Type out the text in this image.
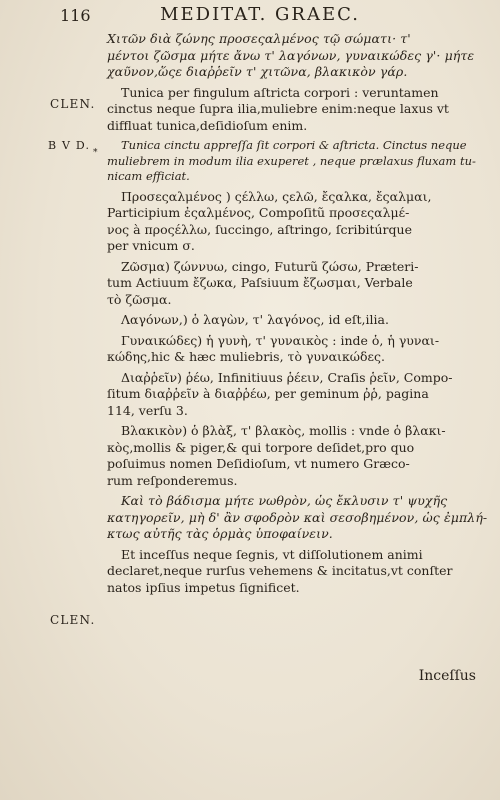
116	MEDITAT. GRAEC.
CLEN.
B V D.
CLEN.
*
Χιτῶν διὰ ζώνης προσεςαλμένος τῷ σώματι· τ'
μέντοι ζῶσμα μήτε ἄνω τ' λαγόνων, γυναικώδες γ'· μήτε
χαῦνον,ὥςε διαῤῥεῖν τ' χιτῶνα, βλακικὸν γάρ.
Tunica per fingulum aſtricta corpori : veruntamen
cinctus neque ſupra ilia,muliebre enim:neque laxus vt
diffluat tunica,deſidioſum enim.
Tunica cinctu appreſſa ſit corpori & aſtricta. Cinctus neque
muliebrem in modum ilia exuperet , neque prælaxus fluxam tu-
nicam efficiat.
Προσεςαλμένος ) ςέλλω, ςελῶ, ἔςαλκα, ἔςαλμαι,
Participium ἐςαλμένος, Compoſitũ προσεςαλμέ-
νος à προςέλλω, ſuccingo, aſtringo, ſcribitúrque
per vnicum σ.
Ζῶσμα) ζώννυω, cingo, Futurũ ζώσω, Præteri-
tum Actiuum ἔζωκα, Paſsiuum ἔζωσμαι, Verbale
τὸ ζῶσμα.
Λαγόνων,) ὁ λαγὼν, τ' λαγόνος, id eſt,ilia.
Γυναικώδες) ἡ γυνὴ, τ' γυναικὸς : inde ὁ, ἡ γυναι-
κώδης,hic & hæc muliebris, τὸ γυναικώδες.
Διαῤῥεῖν) ῥέω, Infinitiuus ῥέειν, Craſis ῥεῖν, Compo-
ſitum διαῤῥεῖν à διαῤῥέω, per geminum ῤῥ, pagina
114, verſu 3.
Βλακικὸν) ὁ βλὰξ, τ' βλακὸς, mollis : vnde ὁ βλακι-
κὸς,mollis & piger,& qui torpore deſidet,pro quo
poſuimus nomen Deſidioſum, vt numero Græco-
rum reſponderemus.
Καὶ τὸ βάδισμα μήτε νωθρὸν, ὡς ἔκλυσιν τ' ψυχῆς
κατηγορεῖν, μὴ δ' ἂν σφοδρὸν καὶ σεσοβημένον, ὡς ἐμπλή-
κτως αὐτῆς τὰς ὁρμὰς ὑποφαίνειν.
Et inceſſus neque ſegnis, vt diſſolutionem animi
declaret,neque rurſus vehemens & incitatus,vt conſter
natos ipſius impetus ſignificet.
Inceſſus
